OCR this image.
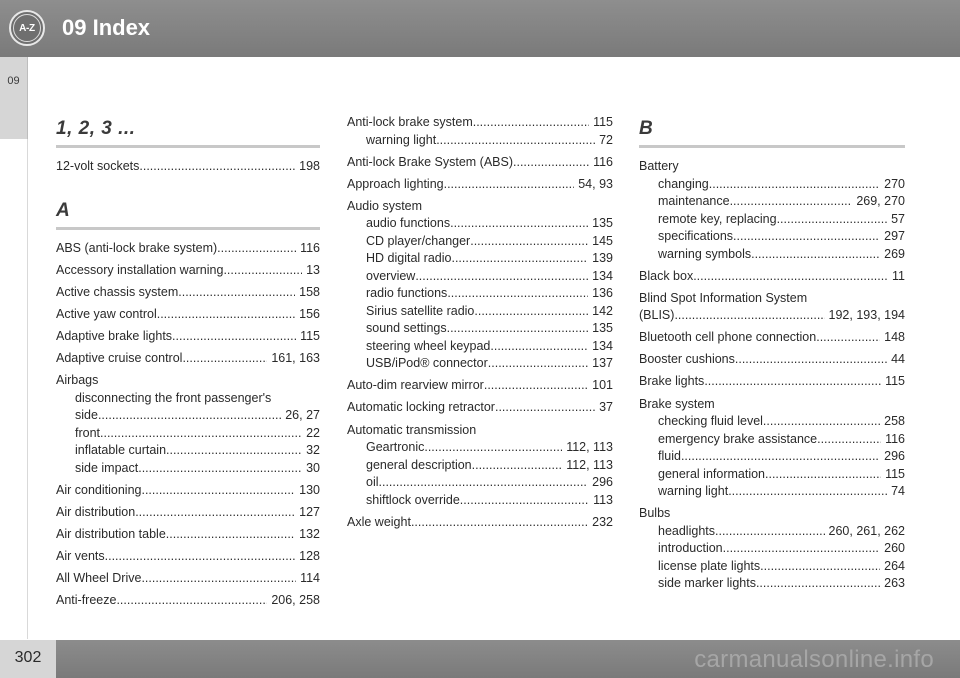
A-Z 09 Index
09
1, 2, 3 ...
12-volt sockets .....	198
A
ABS (anti-lock brake system) .....	116
Accessory installation warning .....	13
Active chassis system .....	158
Active yaw control .....	156
Adaptive brake lights .....	115
Adaptive cruise control .....	161, 163
Airbags
disconnecting the front passenger's
side .....	26, 27
front .....	22
inflatable curtain .....	32
side impact .....	30
Air conditioning .....	130
Air distribution .....	127
Air distribution table .....	132
Air vents .....	128
All Wheel Drive .....	114
Anti-freeze .....	206, 258
Anti-lock brake system .....	115
warning light .....	72
Anti-lock Brake System (ABS) .....	116
Approach lighting .....	54, 93
Audio system
audio functions .....	135
CD player/changer .....	145
HD digital radio .....	139
overview .....	134
radio functions .....	136
Sirius satellite radio .....	142
sound settings .....	135
steering wheel keypad .....	134
USB/iPod® connector .....	137
Auto-dim rearview mirror .....	101
Automatic locking retractor .....	37
Automatic transmission
Geartronic .....	112, 113
general description .....	112, 113
oil .....	296
shiftlock override .....	113
Axle weight .....	232
B
Battery
changing .....	270
maintenance .....	269, 270
remote key, replacing .....	57
specifications .....	297
warning symbols .....	269
Black box .....	11
Blind Spot Information System
(BLIS) .....	192, 193, 194
Bluetooth cell phone connection .....	148
Booster cushions .....	44
Brake lights .....	115
Brake system
checking fluid level .....	258
emergency brake assistance .....	116
fluid .....	296
general information .....	115
warning light .....	74
Bulbs
headlights .....	260, 261, 262
introduction .....	260
license plate lights .....	264
side marker lights .....	263
302	carmanualsonline.info
